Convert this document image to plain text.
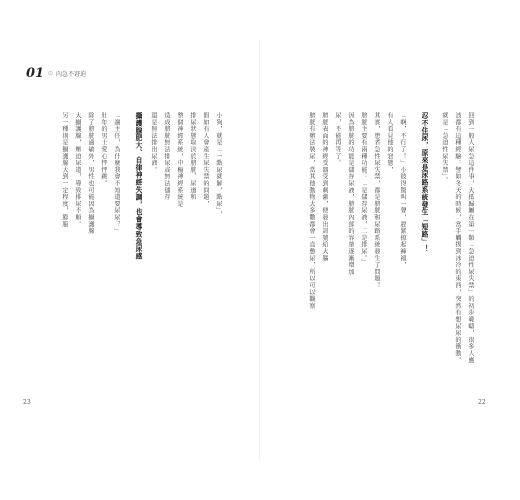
01 ⊙ 內急不窘迫
小狗，就是「一點尿就解，點尿」，
假如有人會產生尿失禁的問題，
排尿狀態取決於膀胱、尿道和
整個神經系統，中樞神經系統是
造成膀胱無法排尿或無法儲存
還是無法排出尿液。
攝護腺肥大、自律神經失調，也會導致急尿感
「謝主任，為什麼我會不知道要尿尿？」
壯年的男士愛心怦怦跳。
除了膀胱過敏外，男性也可能因為攝護腺
大攝護腺，壓迫尿道，導致排尿不順。
另一種則是攝護腺大到一定程度，膨脹
23
回到一般人尿急這件事，大抵歸屬在第一類「急迫性尿失禁」的初步範疇，很多人應
該都有這種經驗：譬如冬天的時候，當手觸摸到冰冷的東西，突然有想尿尿的衝動。
就是「急迫性尿失禁」。
忍不住尿，原來是尿路系統發生「短路」！
「啊，不行了！」小彼得驚叫一聲，趕緊撩起褲襠，
有人看見他的窘態，
其實，患者急性尿失禁，都是膀胱和尿路系統發生了問題！
膀胱主要有兩種功能：「是儲存尿液，二是排尿。」
因為膀胱的功能是儲存尿液，膀胱內部的容量逐漸增加
尿，不能再等了。
膀胱表面的神經受器受到刺激，便發出訊號給大腦
膀胱有辦法裝尿，當其他動物大多數都會一直憋尿，所以可以觀察
22
